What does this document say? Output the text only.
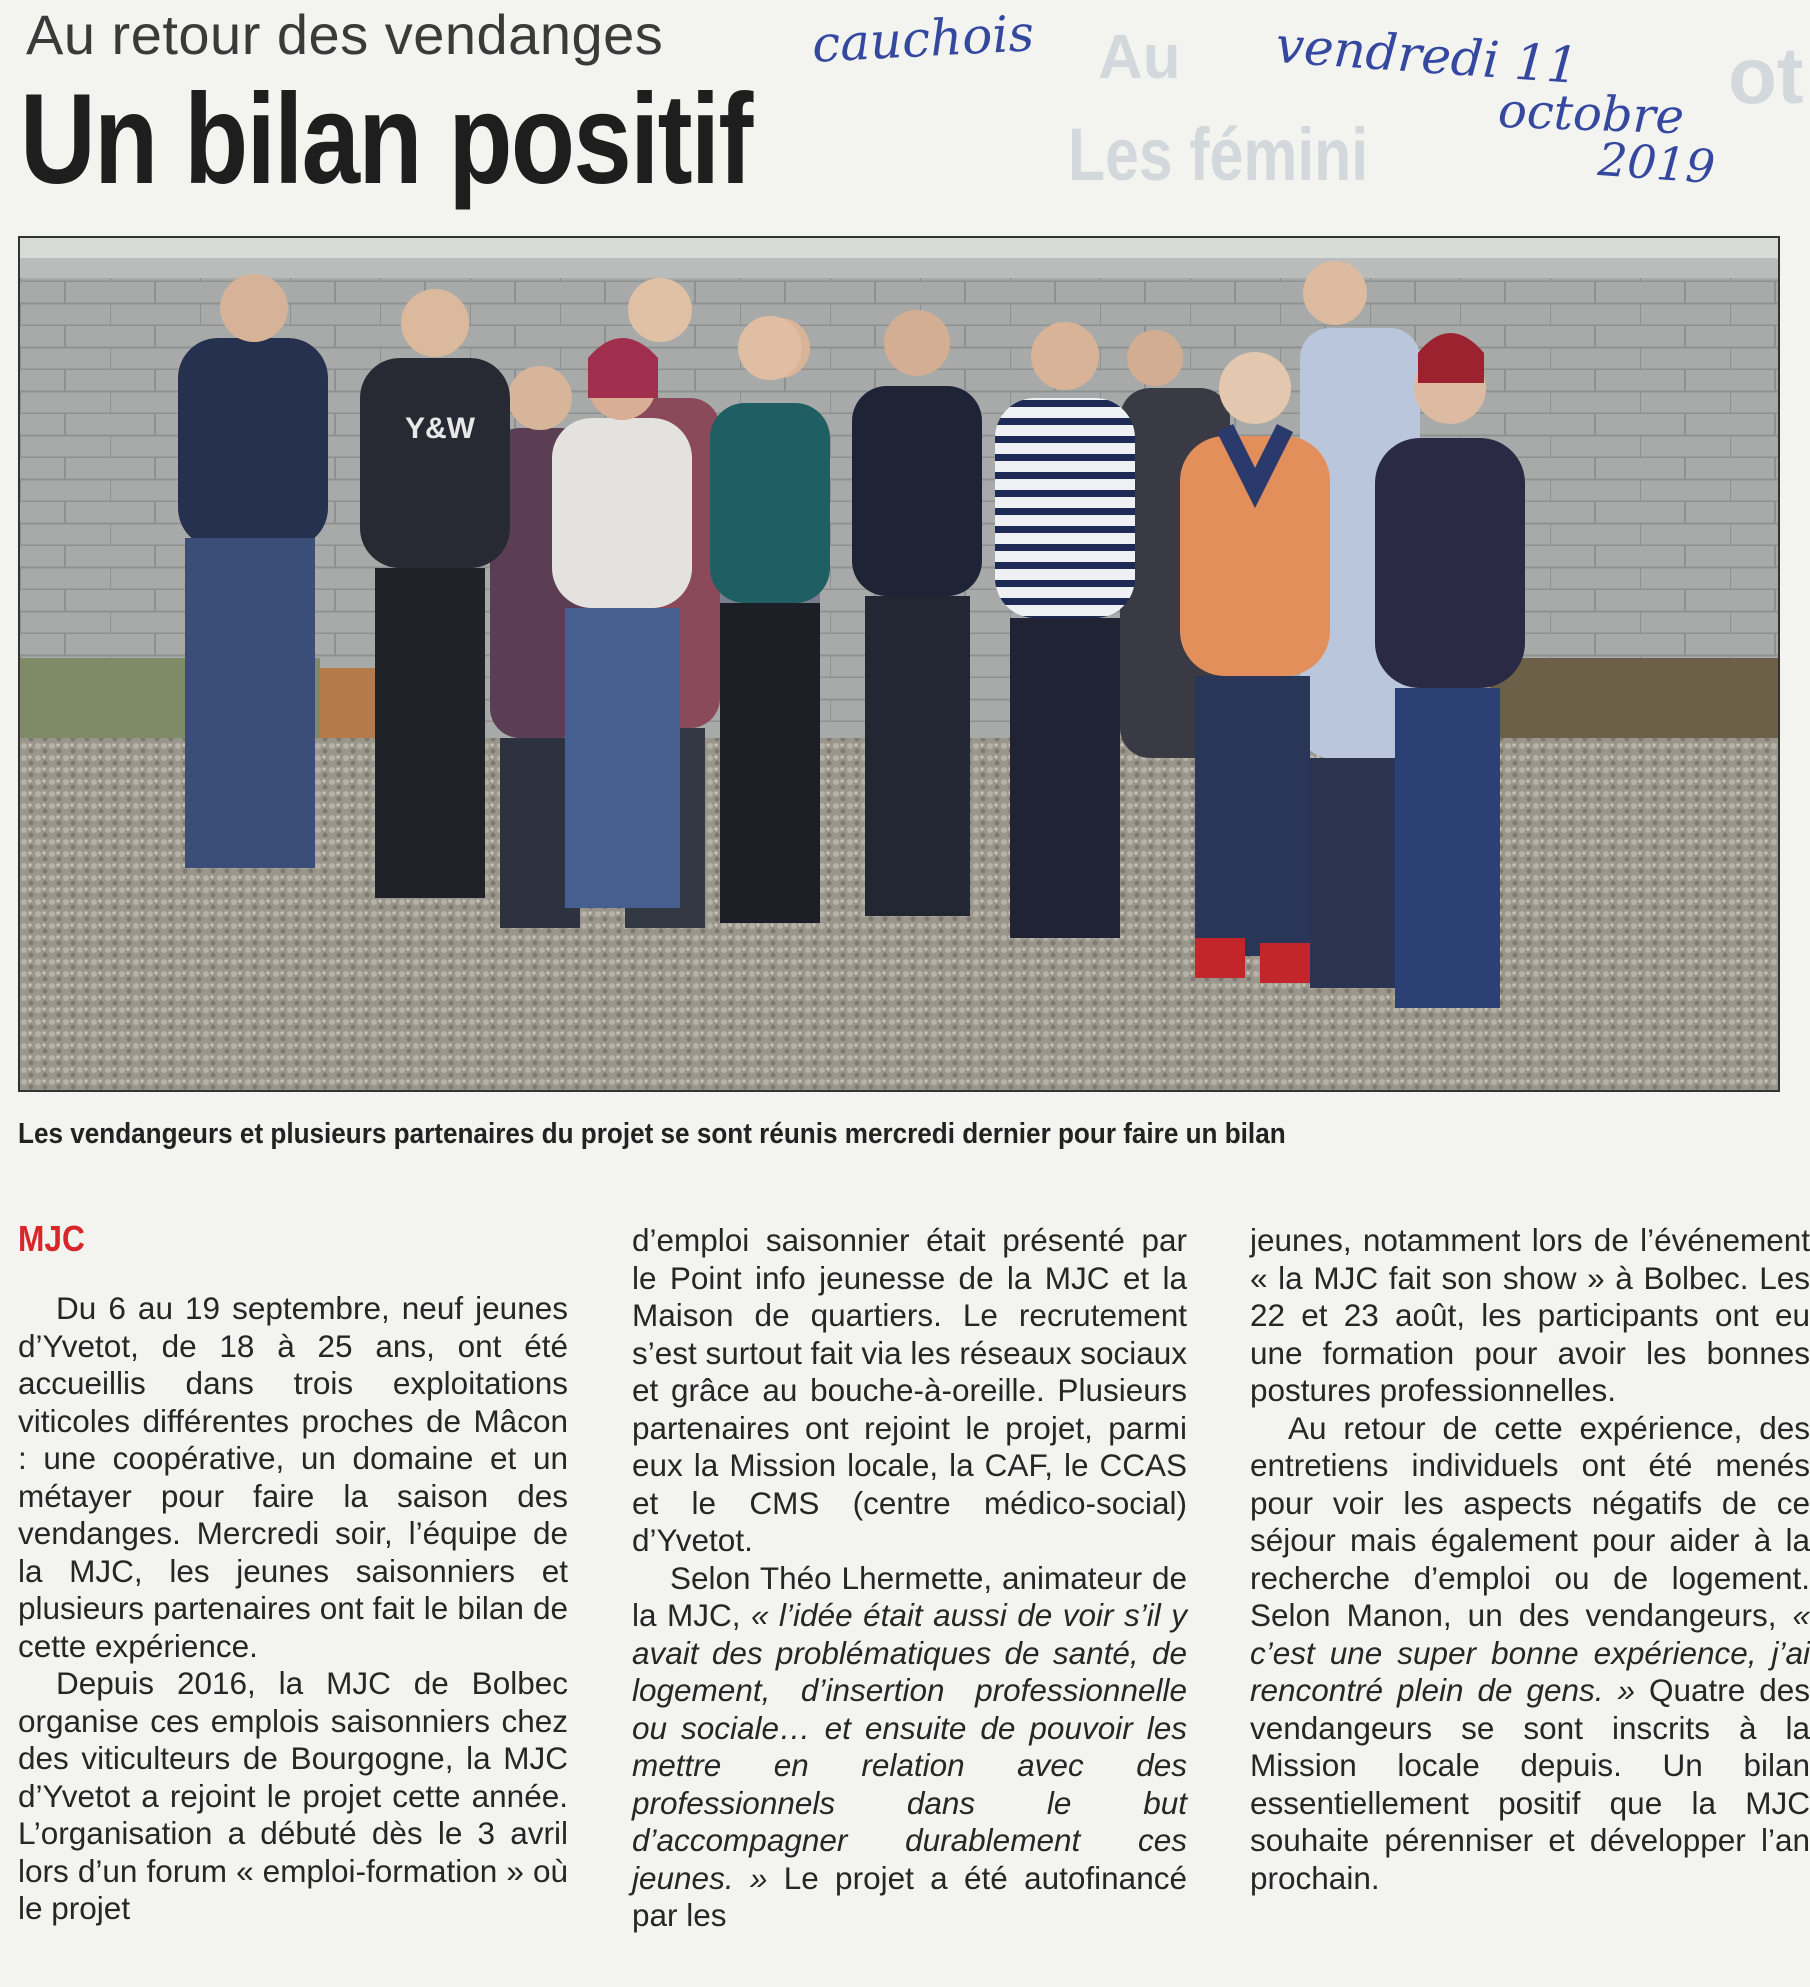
Au
Les fémini
ot
Au retour des vendanges
Un bilan positif
cauchois	vendredi 11
octobre
2019
Y&W
Les vendangeurs et plusieurs partenaires du projet se sont réunis mercredi dernier pour faire un bilan
MJC

Du 6 au 19 septembre, neuf jeunes d’Yvetot, de 18 à 25 ans, ont été accueillis dans trois exploitations viticoles différentes proches de Mâcon : une coopérative, un domaine et un métayer pour faire la saison des vendanges. Mercredi soir, l’équipe de la MJC, les jeunes saisonniers et plusieurs partenaires ont fait le bilan de cette expérience.

Depuis 2016, la MJC de Bolbec organise ces emplois saisonniers chez des viticulteurs de Bourgogne, la MJC d’Yvetot a rejoint le projet cette année. L’organisation a débuté dès le 3 avril lors d’un forum « emploi-formation » où le projet

d’emploi saisonnier était présenté par le Point info jeunesse de la MJC et la Maison de quartiers. Le recrutement s’est surtout fait via les réseaux sociaux et grâce au bouche-à-oreille. Plusieurs partenaires ont rejoint le projet, parmi eux la Mission locale, la CAF, le CCAS et le CMS (centre médico-social) d’Yvetot.

Selon Théo Lhermette, animateur de la MJC, « l’idée était aussi de voir s’il y avait des problématiques de santé, de logement, d’insertion professionnelle ou sociale… et ensuite de pouvoir les mettre en relation avec des professionnels dans le but d’accompagner durablement ces jeunes. » Le projet a été autofinancé par les

jeunes, notamment lors de l’événement « la MJC fait son show » à Bolbec. Les 22 et 23 août, les participants ont eu une formation pour avoir les bonnes postures professionnelles.

Au retour de cette expérience, des entretiens individuels ont été menés pour voir les aspects négatifs de ce séjour mais également pour aider à la recherche d’emploi ou de logement. Selon Manon, un des vendangeurs, « c’est une super bonne expérience, j’ai rencontré plein de gens. » Quatre des vendangeurs se sont inscrits à la Mission locale depuis. Un bilan essentiellement positif que la MJC souhaite pérenniser et développer l’an prochain.
